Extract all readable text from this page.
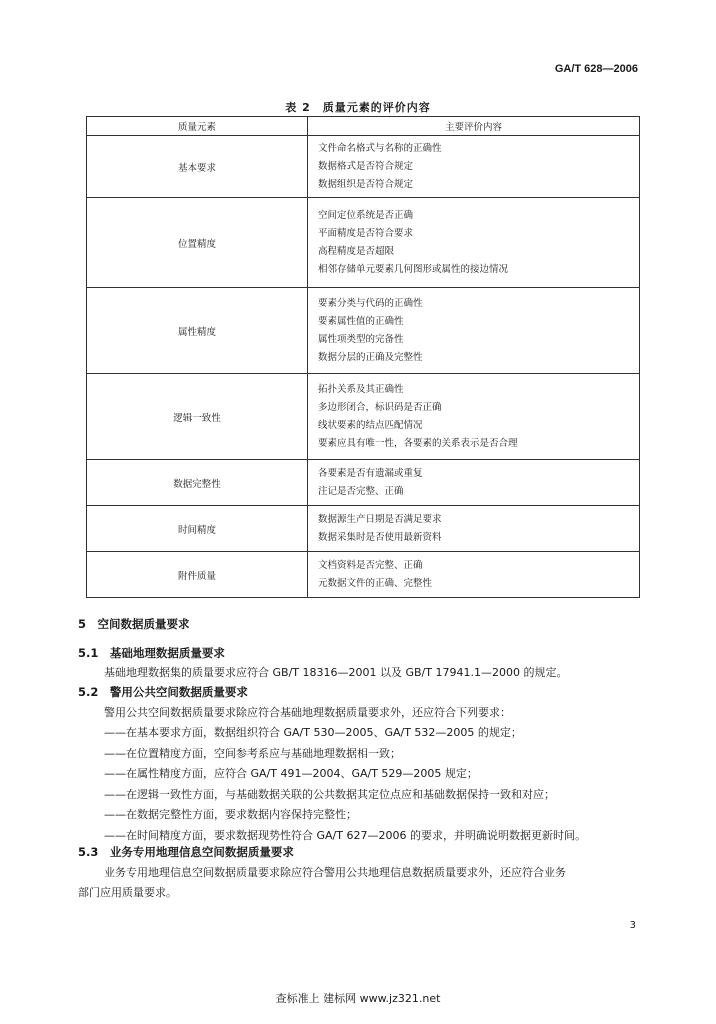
GA/T 628—2006
表 2　质量元素的评价内容
质量元素	主要评价内容
基本要求	文件命名格式与名称的正确性
数据格式是否符合规定
数据组织是否符合规定

位置精度	空间定位系统是否正确
平面精度是否符合要求
高程精度是否超限
相邻存储单元要素几何图形或属性的接边情况

属性精度	要素分类与代码的正确性
要素属性值的正确性
属性项类型的完备性
数据分层的正确及完整性

逻辑一致性	拓扑关系及其正确性
多边形闭合，标识码是否正确
线状要素的结点匹配情况
要素应具有唯一性，各要素的关系表示是否合理

数据完整性	各要素是否有遗漏或重复
注记是否完整、正确

时间精度	数据源生产日期是否满足要求
数据采集时是否使用最新资料

附件质量	文档资料是否完整、正确
元数据文件的正确、完整性
5　空间数据质量要求
5.1　基础地理数据质量要求
基础地理数据集的质量要求应符合 GB/T 18316—2001 以及 GB/T 17941.1—2000 的规定。
5.2　警用公共空间数据质量要求
警用公共空间数据质量要求除应符合基础地理数据质量要求外，还应符合下列要求：
——在基本要求方面，数据组织符合 GA/T 530—2005、GA/T 532—2005 的规定；
——在位置精度方面，空间参考系应与基础地理数据相一致；
——在属性精度方面，应符合 GA/T 491—2004、GA/T 529—2005 规定；
——在逻辑一致性方面，与基础数据关联的公共数据其定位点应和基础数据保持一致和对应；
——在数据完整性方面，要求数据内容保持完整性；
——在时间精度方面，要求数据现势性符合 GA/T 627—2006 的要求，并明确说明数据更新时间。
5.3　业务专用地理信息空间数据质量要求
业务专用地理信息空间数据质量要求除应符合警用公共地理信息数据质量要求外，还应符合业务
部门应用质量要求。
3
查标准上 建标网 www.jz321.net
